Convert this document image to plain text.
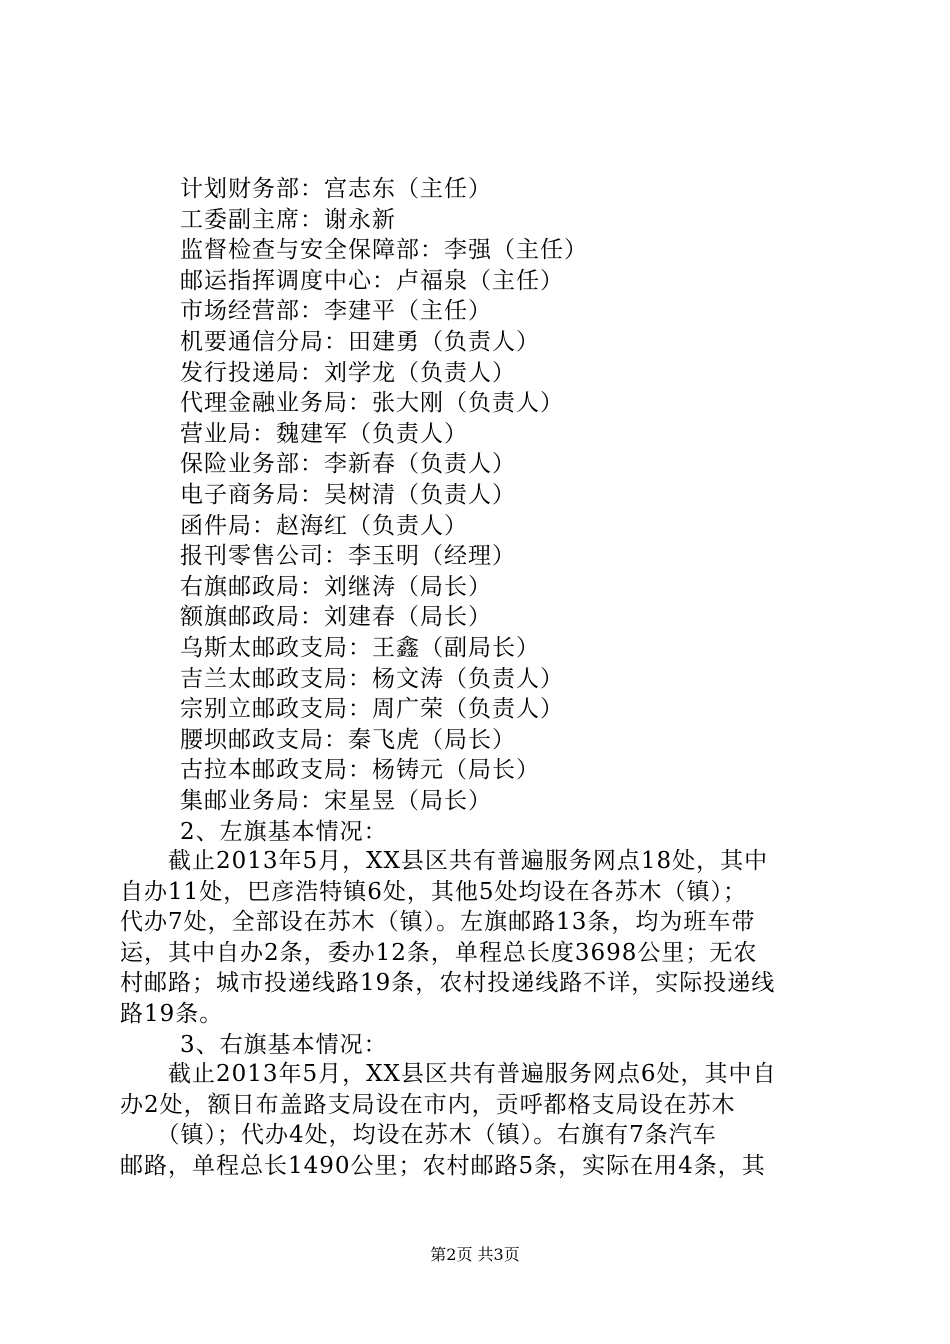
计划财务部：宫志东（主任）
工委副主席：谢永新
监督检查与安全保障部：李强（主任）
邮运指挥调度中心：卢福泉（主任）
市场经营部：李建平（主任）
机要通信分局：田建勇（负责人）
发行投递局：刘学龙（负责人）
代理金融业务局：张大刚（负责人）
营业局：魏建军（负责人）
保险业务部：李新春（负责人）
电子商务局：吴树清（负责人）
函件局：赵海红（负责人）
报刊零售公司：李玉明（经理）
右旗邮政局：刘继涛（局长）
额旗邮政局：刘建春（局长）
乌斯太邮政支局：王鑫（副局长）
吉兰太邮政支局：杨文涛（负责人）
宗别立邮政支局：周广荣（负责人）
腰坝邮政支局：秦飞虎（局长）
古拉本邮政支局：杨铸元（局长）
集邮业务局：宋星昱（局长）
2、左旗基本情况：
　　截止2013年5月，XX县区共有普遍服务网点18处，其中
自办11处，巴彦浩特镇6处，其他5处均设在各苏木（镇）；
代办7处，全部设在苏木（镇）。左旗邮路13条，均为班车带
运，其中自办2条，委办12条，单程总长度3698公里；无农
村邮路；城市投递线路19条，农村投递线路不详，实际投递线
路19条。
3、右旗基本情况：
　　截止2013年5月，XX县区共有普遍服务网点6处，其中自
办2处，额日布盖路支局设在市内，贡呼都格支局设在苏木
　　（镇）；代办4处，均设在苏木（镇）。右旗有7条汽车
邮路，单程总长1490公里；农村邮路5条，实际在用4条，其
第2页 共3页
